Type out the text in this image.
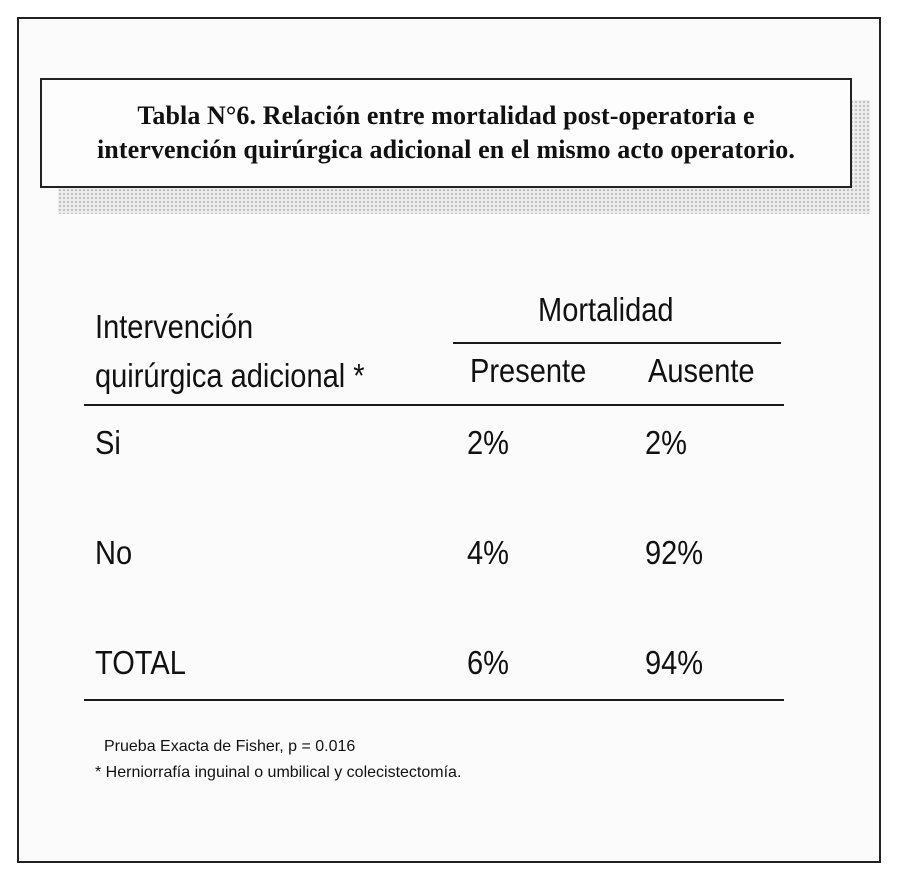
Tabla N°6. Relación entre mortalidad post-operatoria e
intervención quirúrgica adicional en el mismo acto operatorio.
Intervención
quirúrgica adicional *
Mortalidad
Presente Ausente
Si	2%	2%
No	4%	92%
TOTAL	6%	94%
Prueba Exacta de Fisher, p = 0.016
* Herniorrafía inguinal o umbilical y colecistectomía.
